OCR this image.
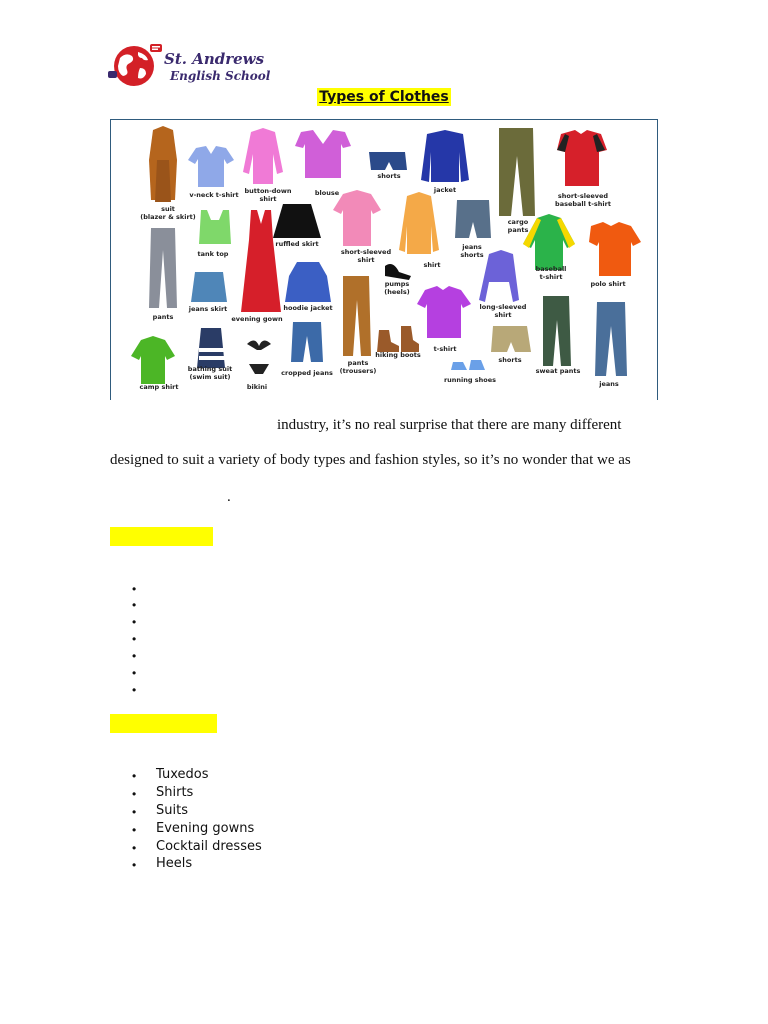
St. Andrews
English School
Types of Clothes
suit
(blazer & skirt)
v-neck t-shirt button-down
shirt
blouse
shorts
jacket
cargo
pants
short-sleeved
baseball t-shirt
ruffled skirt
short-sleeved
shirt
shirt
jeans
shorts
baseball
t-shirt
polo shirt
tank top
pants
jeans skirt
evening gown
hoodie jacket
pumps
(heels)
long-sleeved
shirt
camp shirt
bathing suit
(swim suit)
bikini
cropped jeans
pants
(trousers)
hiking boots
t-shirt
running shoes
shorts
sweat pants
jeans
industry, it’s no real surprise that there are many different
designed to suit a variety of body types and fashion styles, so it’s no wonder that we as
.
•
•
•
•
•
•
•
• Tuxedos
• Shirts
• Suits
• Evening gowns
• Cocktail dresses
• Heels
